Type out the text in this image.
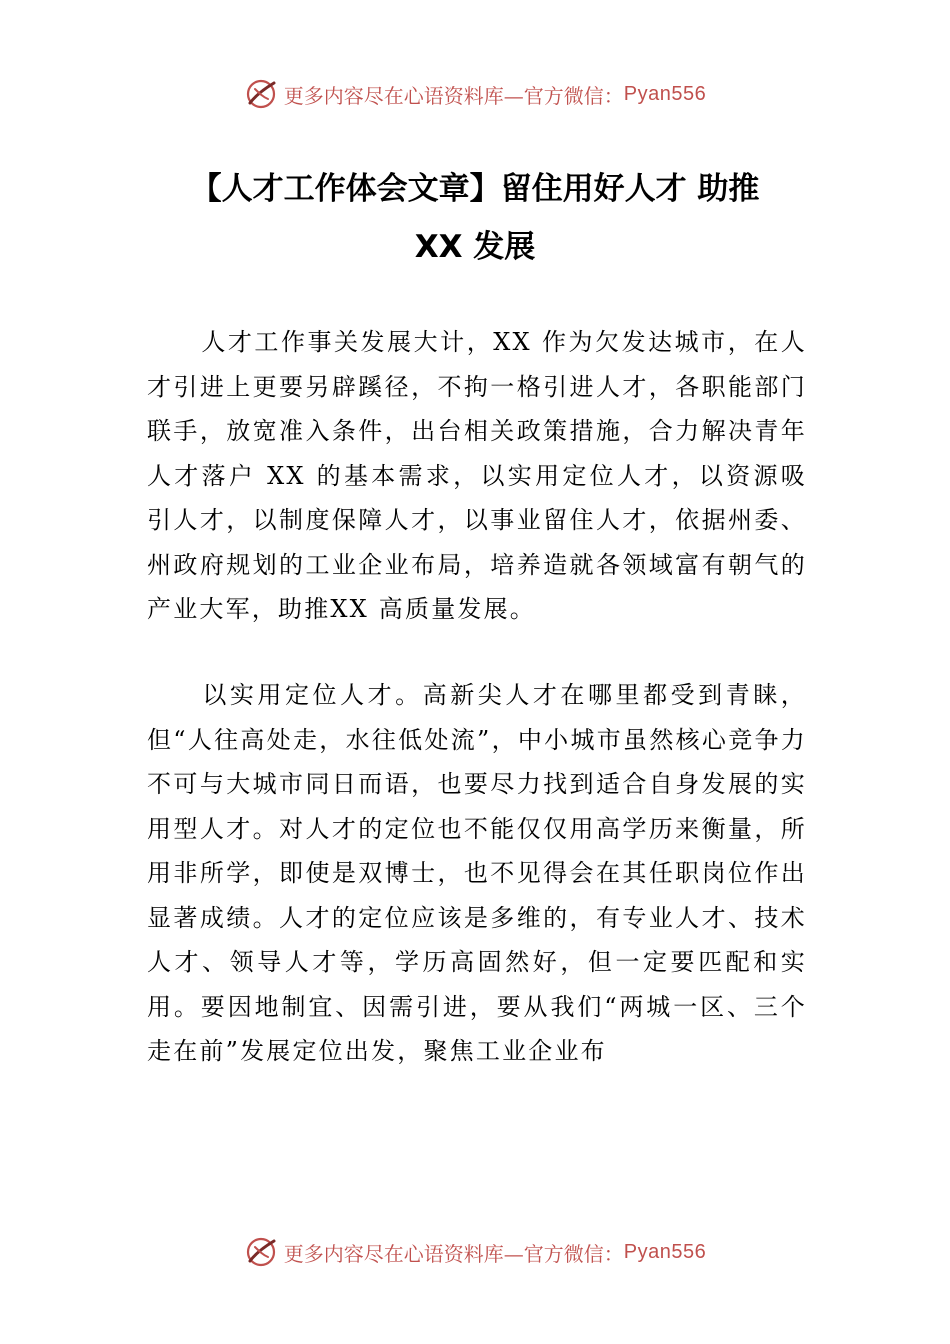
更多内容尽在心语资料库—官方微信： Pyan556
【人才工作体会文章】留住用好人才 助推
XX 发展

人才工作事关发展大计，XX 作为欠发达城市，在人才引进上更要另辟蹊径，不拘一格引进人才，各职能部门联手，放宽准入条件，出台相关政策措施，合力解决青年人才落户 XX 的基本需求，以实用定位人才，以资源吸引人才，以制度保障人才，以事业留住人才，依据州委、州政府规划的工业企业布局，培养造就各领域富有朝气的产业大军，助推XX 高质量发展。

以实用定位人才。高新尖人才在哪里都受到青睐，但“人往高处走，水往低处流”，中小城市虽然核心竞争力不可与大城市同日而语，也要尽力找到适合自身发展的实用型人才。对人才的定位也不能仅仅用高学历来衡量，所用非所学，即使是双博士，也不见得会在其任职岗位作出显著成绩。人才的定位应该是多维的，有专业人才、技术人才、领导人才等，学历高固然好，但一定要匹配和实用。要因地制宜、因需引进，要从我们“两城一区、三个走在前”发展定位出发，聚焦工业企业布

更多内容尽在心语资料库—官方微信： Pyan556
